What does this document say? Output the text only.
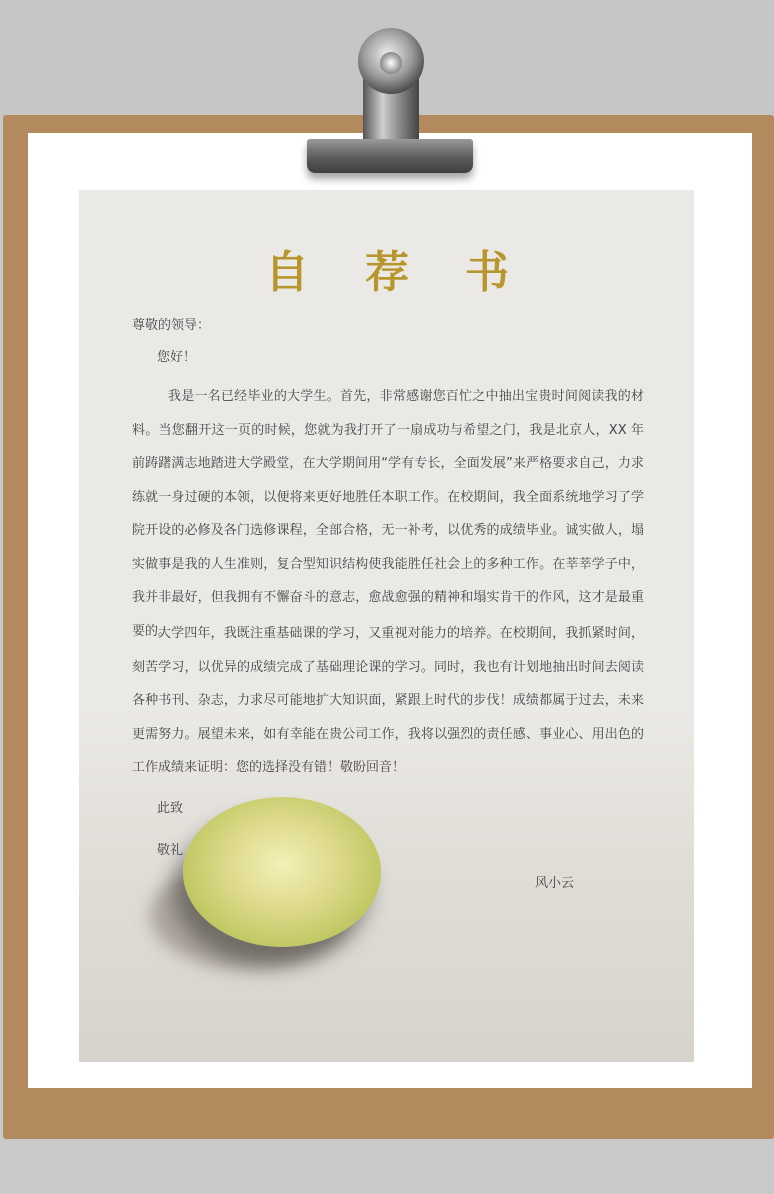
自荐书
尊敬的领导：
您好！
我是一名已经毕业的大学生。首先，非常感谢您百忙之中抽出宝贵时间阅读我的材料。当您翻开这一页的时候，您就为我打开了一扇成功与希望之门，我是北京人，XX 年前踌躇满志地踏进大学殿堂，在大学期间用“学有专长，全面发展”来严格要求自己，力求练就一身过硬的本领，以便将来更好地胜任本职工作。在校期间，我全面系统地学习了学院开设的必修及各门选修课程，全部合格，无一补考，以优秀的成绩毕业。诚实做人，塌实做事是我的人生准则，复合型知识结构使我能胜任社会上的多种工作。在莘莘学子中，我并非最好，但我拥有不懈奋斗的意志，愈战愈强的精神和塌实肯干的作风，这才是最重要的。
大学四年，我既注重基础课的学习，又重视对能力的培养。在校期间，我抓紧时间，刻苦学习，以优异的成绩完成了基础理论课的学习。同时，我也有计划地抽出时间去阅读各种书刊、杂志，力求尽可能地扩大知识面，紧跟上时代的步伐！成绩都属于过去，未来更需努力。展望未来，如有幸能在贵公司工作，我将以强烈的责任感、事业心、用出色的工作成绩来证明：您的选择没有错！敬盼回音！
此致
敬礼
风小云
